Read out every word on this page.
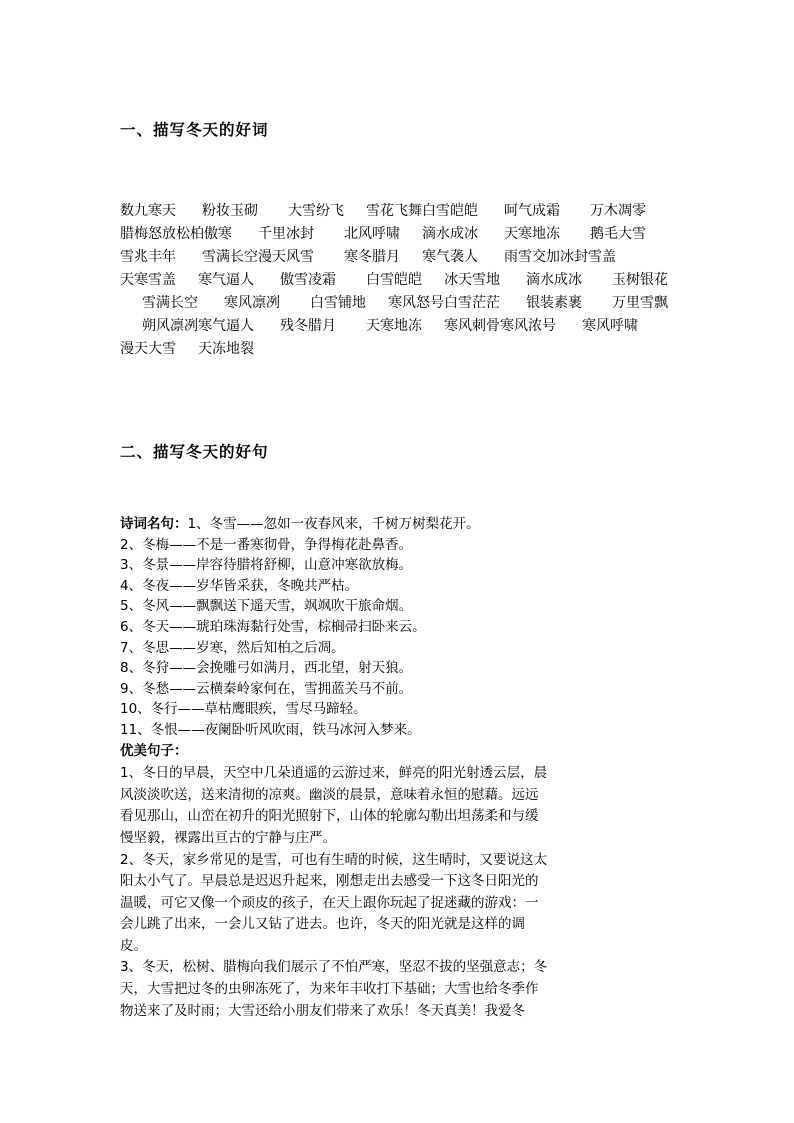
一、描写冬天的好词
数九寒天 粉妆玉砌 大雪纷飞 雪花飞舞白雪皑皑 呵气成霜 万木凋零腊梅怒放松柏傲寒 千里冰封 北风呼啸 滴水成冰 天寒地冻 鹅毛大雪雪兆丰年 雪满长空漫天风雪 寒冬腊月 寒气袭人 雨雪交加冰封雪盖天寒雪盖 寒气逼人 傲雪凌霜 白雪皑皑 冰天雪地 滴水成冰 玉树银花雪满长空 寒风凛冽 白雪铺地 寒风怒号白雪茫茫 银装素裹 万里雪飘朔风凛冽寒气逼人 残冬腊月 天寒地冻 寒风刺骨寒风浓号 寒风呼啸漫天大雪 天冻地裂
二、描写冬天的好句

诗词名句：1、冬雪——忽如一夜春风来，千树万树梨花开。

2、冬梅——不是一番寒彻骨，争得梅花赴鼻香。

3、冬景——岸容待腊将舒柳，山意冲寒欲放梅。

4、冬夜——岁华皆采获，冬晚共严枯。

5、冬风——飘飘送下遥天雪，飒飒吹干旅命烟。

6、冬天——琥珀珠海黏行处雪，棕榈帚扫卧来云。

7、冬思——岁寒，然后知柏之后凋。

8、冬狩——会挽雕弓如满月，西北望，射天狼。

9、冬愁——云横秦岭家何在，雪拥蓝关马不前。

10、冬行——草枯鹰眼疾，雪尽马蹄轻。

11、冬恨——夜阑卧听风吹雨，铁马冰河入梦来。

优美句子：

1、冬日的早晨，天空中几朵逍遥的云游过来，鲜亮的阳光射透云层，晨

风淡淡吹送，送来清彻的凉爽。幽淡的晨景，意味着永恒的慰藉。远远

看见那山，山峦在初升的阳光照射下，山体的轮廓勾勒出坦荡柔和与缓

慢坚毅，裸露出亘古的宁静与庄严。

2、冬天，家乡常见的是雪，可也有生晴的时候，这生晴时，又要说这太

阳太小气了。早晨总是迟迟升起来，刚想走出去感受一下这冬日阳光的

温暖，可它又像一个顽皮的孩子，在天上跟你玩起了捉迷藏的游戏：一

会儿跳了出来，一会儿又钻了进去。也许，冬天的阳光就是这样的调

皮。

3、冬天，松树、腊梅向我们展示了不怕严寒，坚忍不拔的坚强意志；冬

天，大雪把过冬的虫卵冻死了，为来年丰收打下基础；大雪也给冬季作

物送来了及时雨；大雪还给小朋友们带来了欢乐！冬天真美！我爱冬
